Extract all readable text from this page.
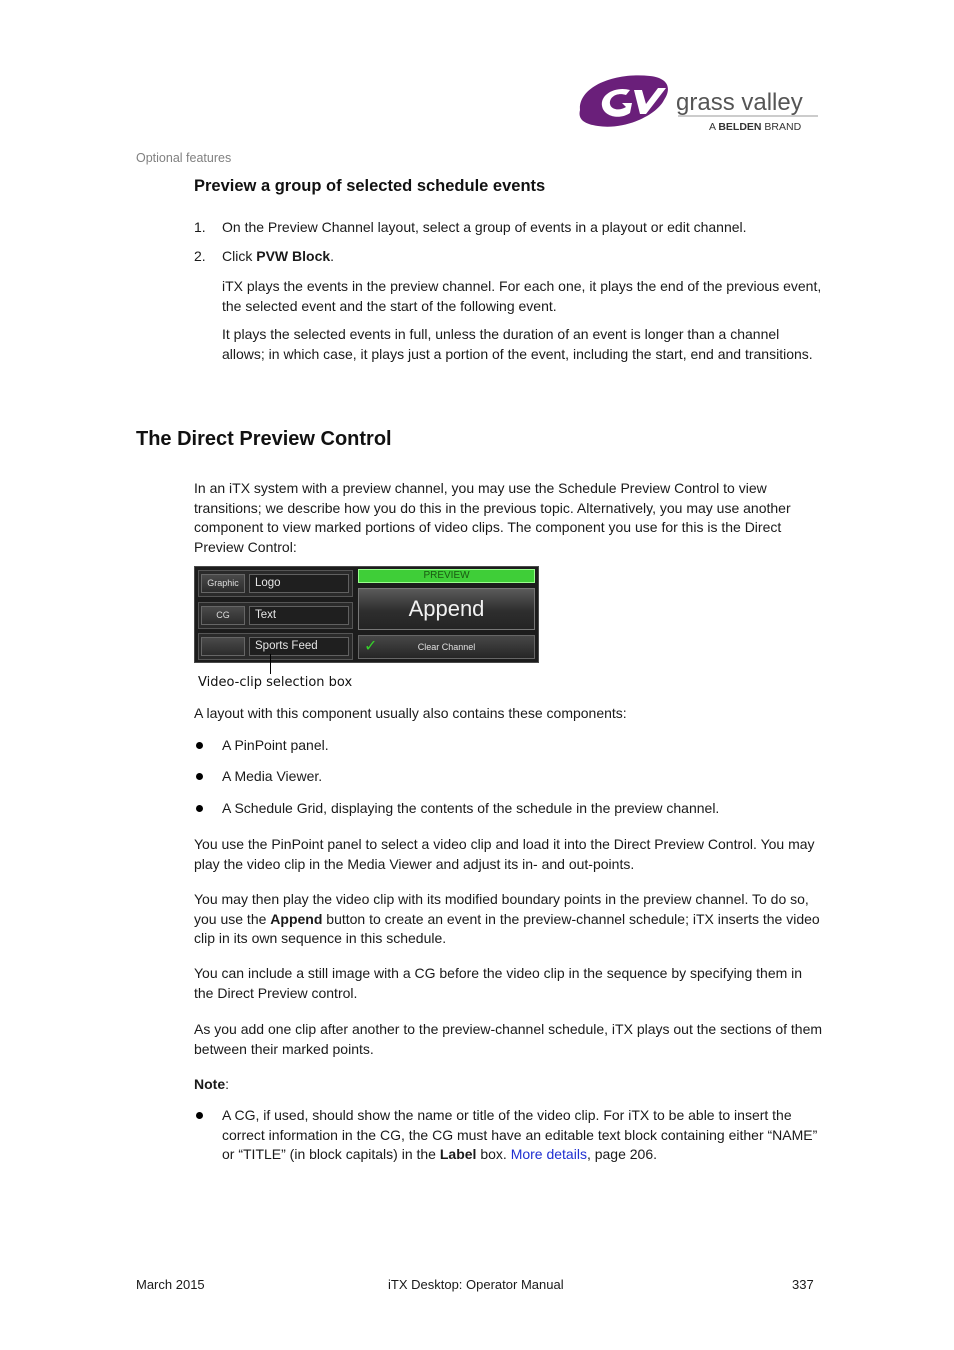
grass valley
A BELDEN BRAND
Optional features
Preview a group of selected schedule events
1. On the Preview Channel layout, select a group of events in a playout or edit channel.
2. Click PVW Block.
iTX plays the events in the preview channel. For each one, it plays the end of the previous event, the selected event and the start of the following event.
It plays the selected events in full, unless the duration of an event is longer than a channel allows; in which case, it plays just a portion of the event, including the start, end and transitions.
The Direct Preview Control
In an iTX system with a preview channel, you may use the Schedule Preview Control to view transitions; we describe how you do this in the previous topic. Alternatively, you may use another component to view marked portions of video clips. The component you use for this is the Direct Preview Control:
Graphic	Logo
CG	Text
Sports Feed
PREVIEW
Append
✓	Clear Channel
Video-clip selection box
A layout with this component usually also contains these components:
A PinPoint panel.
A Media Viewer.
A Schedule Grid, displaying the contents of the schedule in the preview channel.
You use the PinPoint panel to select a video clip and load it into the Direct Preview Control. You may play the video clip in the Media Viewer and adjust its in- and out-points.
You may then play the video clip with its modified boundary points in the preview channel. To do so, you use the Append button to create an event in the preview-channel schedule; iTX inserts the video clip in its own sequence in this schedule.
You can include a still image with a CG before the video clip in the sequence by specifying them in the Direct Preview control.
As you add one clip after another to the preview-channel schedule, iTX plays out the sections of them between their marked points.
Note:
A CG, if used, should show the name or title of the video clip. For iTX to be able to insert the correct information in the CG, the CG must have an editable text block containing either “NAME” or “TITLE” (in block capitals) in the Label box. More details, page 206.
March 2015	iTX Desktop: Operator Manual	337
